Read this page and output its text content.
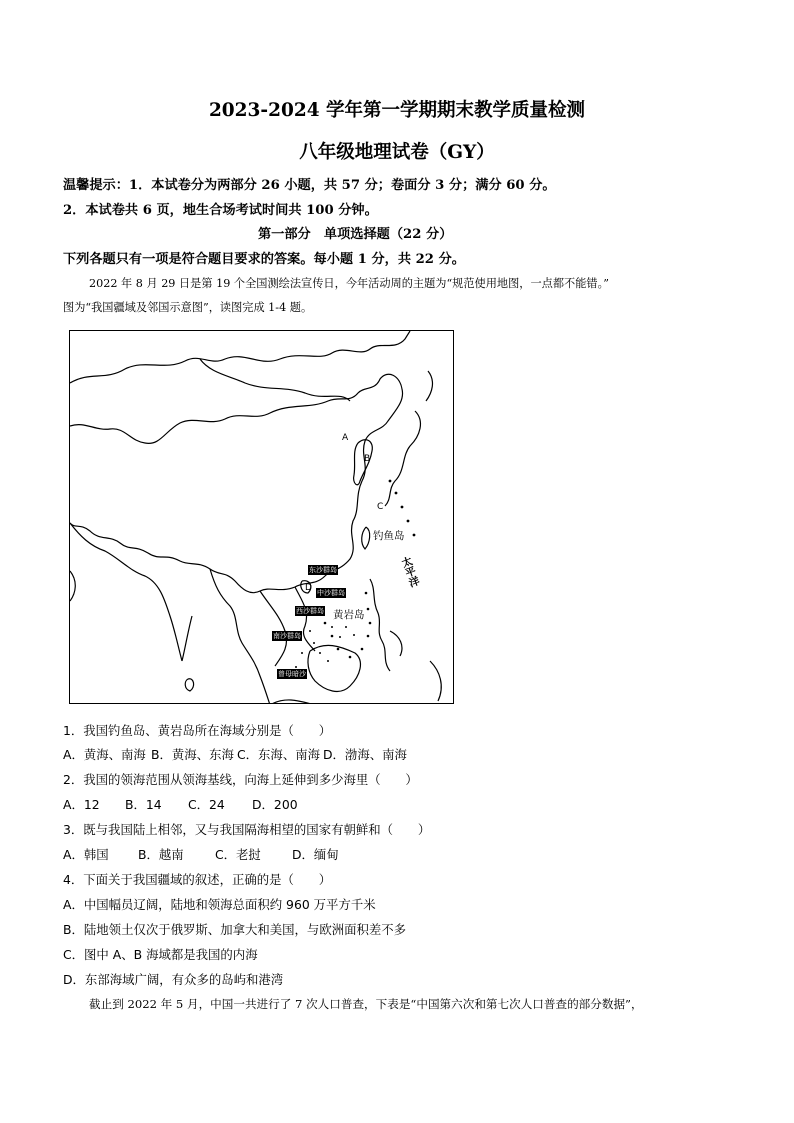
2023-2024 学年第一学期期末教学质量检测
八年级地理试卷（GY）
温馨提示：1．本试卷分为两部分 26 小题，共 57 分；卷面分 3 分；满分 60 分。
2．本试卷共 6 页，地生合场考试时间共 100 分钟。
第一部分　单项选择题（22 分）
下列各题只有一项是符合题目要求的答案。每小题 1 分，共 22 分。
2022 年 8 月 29 日是第 19 个全国测绘法宣传日，今年活动周的主题为“规范使用地图，一点都不能错。”
图为“我国疆域及邻国示意图”，读图完成 1-4 题。
A
B
C
D
钓鱼岛
太平洋
东沙群岛
中沙群岛
西沙群岛 黄岩岛
南沙群岛
曾母暗沙
1．我国钓鱼岛、黄岩岛所在海域分别是（　　）
A．黄海、南海 B．黄海、东海 C．东海、南海 D．渤海、南海
2．我国的领海范围从领海基线，向海上延伸到多少海里（　　）
A．12 B．14 C．24 D．200
3．既与我国陆上相邻，又与我国隔海相望的国家有朝鲜和（　　）
A．韩国 B．越南	C．老挝	D．缅甸
4．下面关于我国疆域的叙述，正确的是（　　）
A．中国幅员辽阔，陆地和领海总面积约 960 万平方千米
B．陆地领土仅次于俄罗斯、加拿大和美国，与欧洲面积差不多
C．图中 A、B 海域都是我国的内海
D．东部海域广阔，有众多的岛屿和港湾
截止到 2022 年 5 月，中国一共进行了 7 次人口普查，下表是“中国第六次和第七次人口普查的部分数据”，
